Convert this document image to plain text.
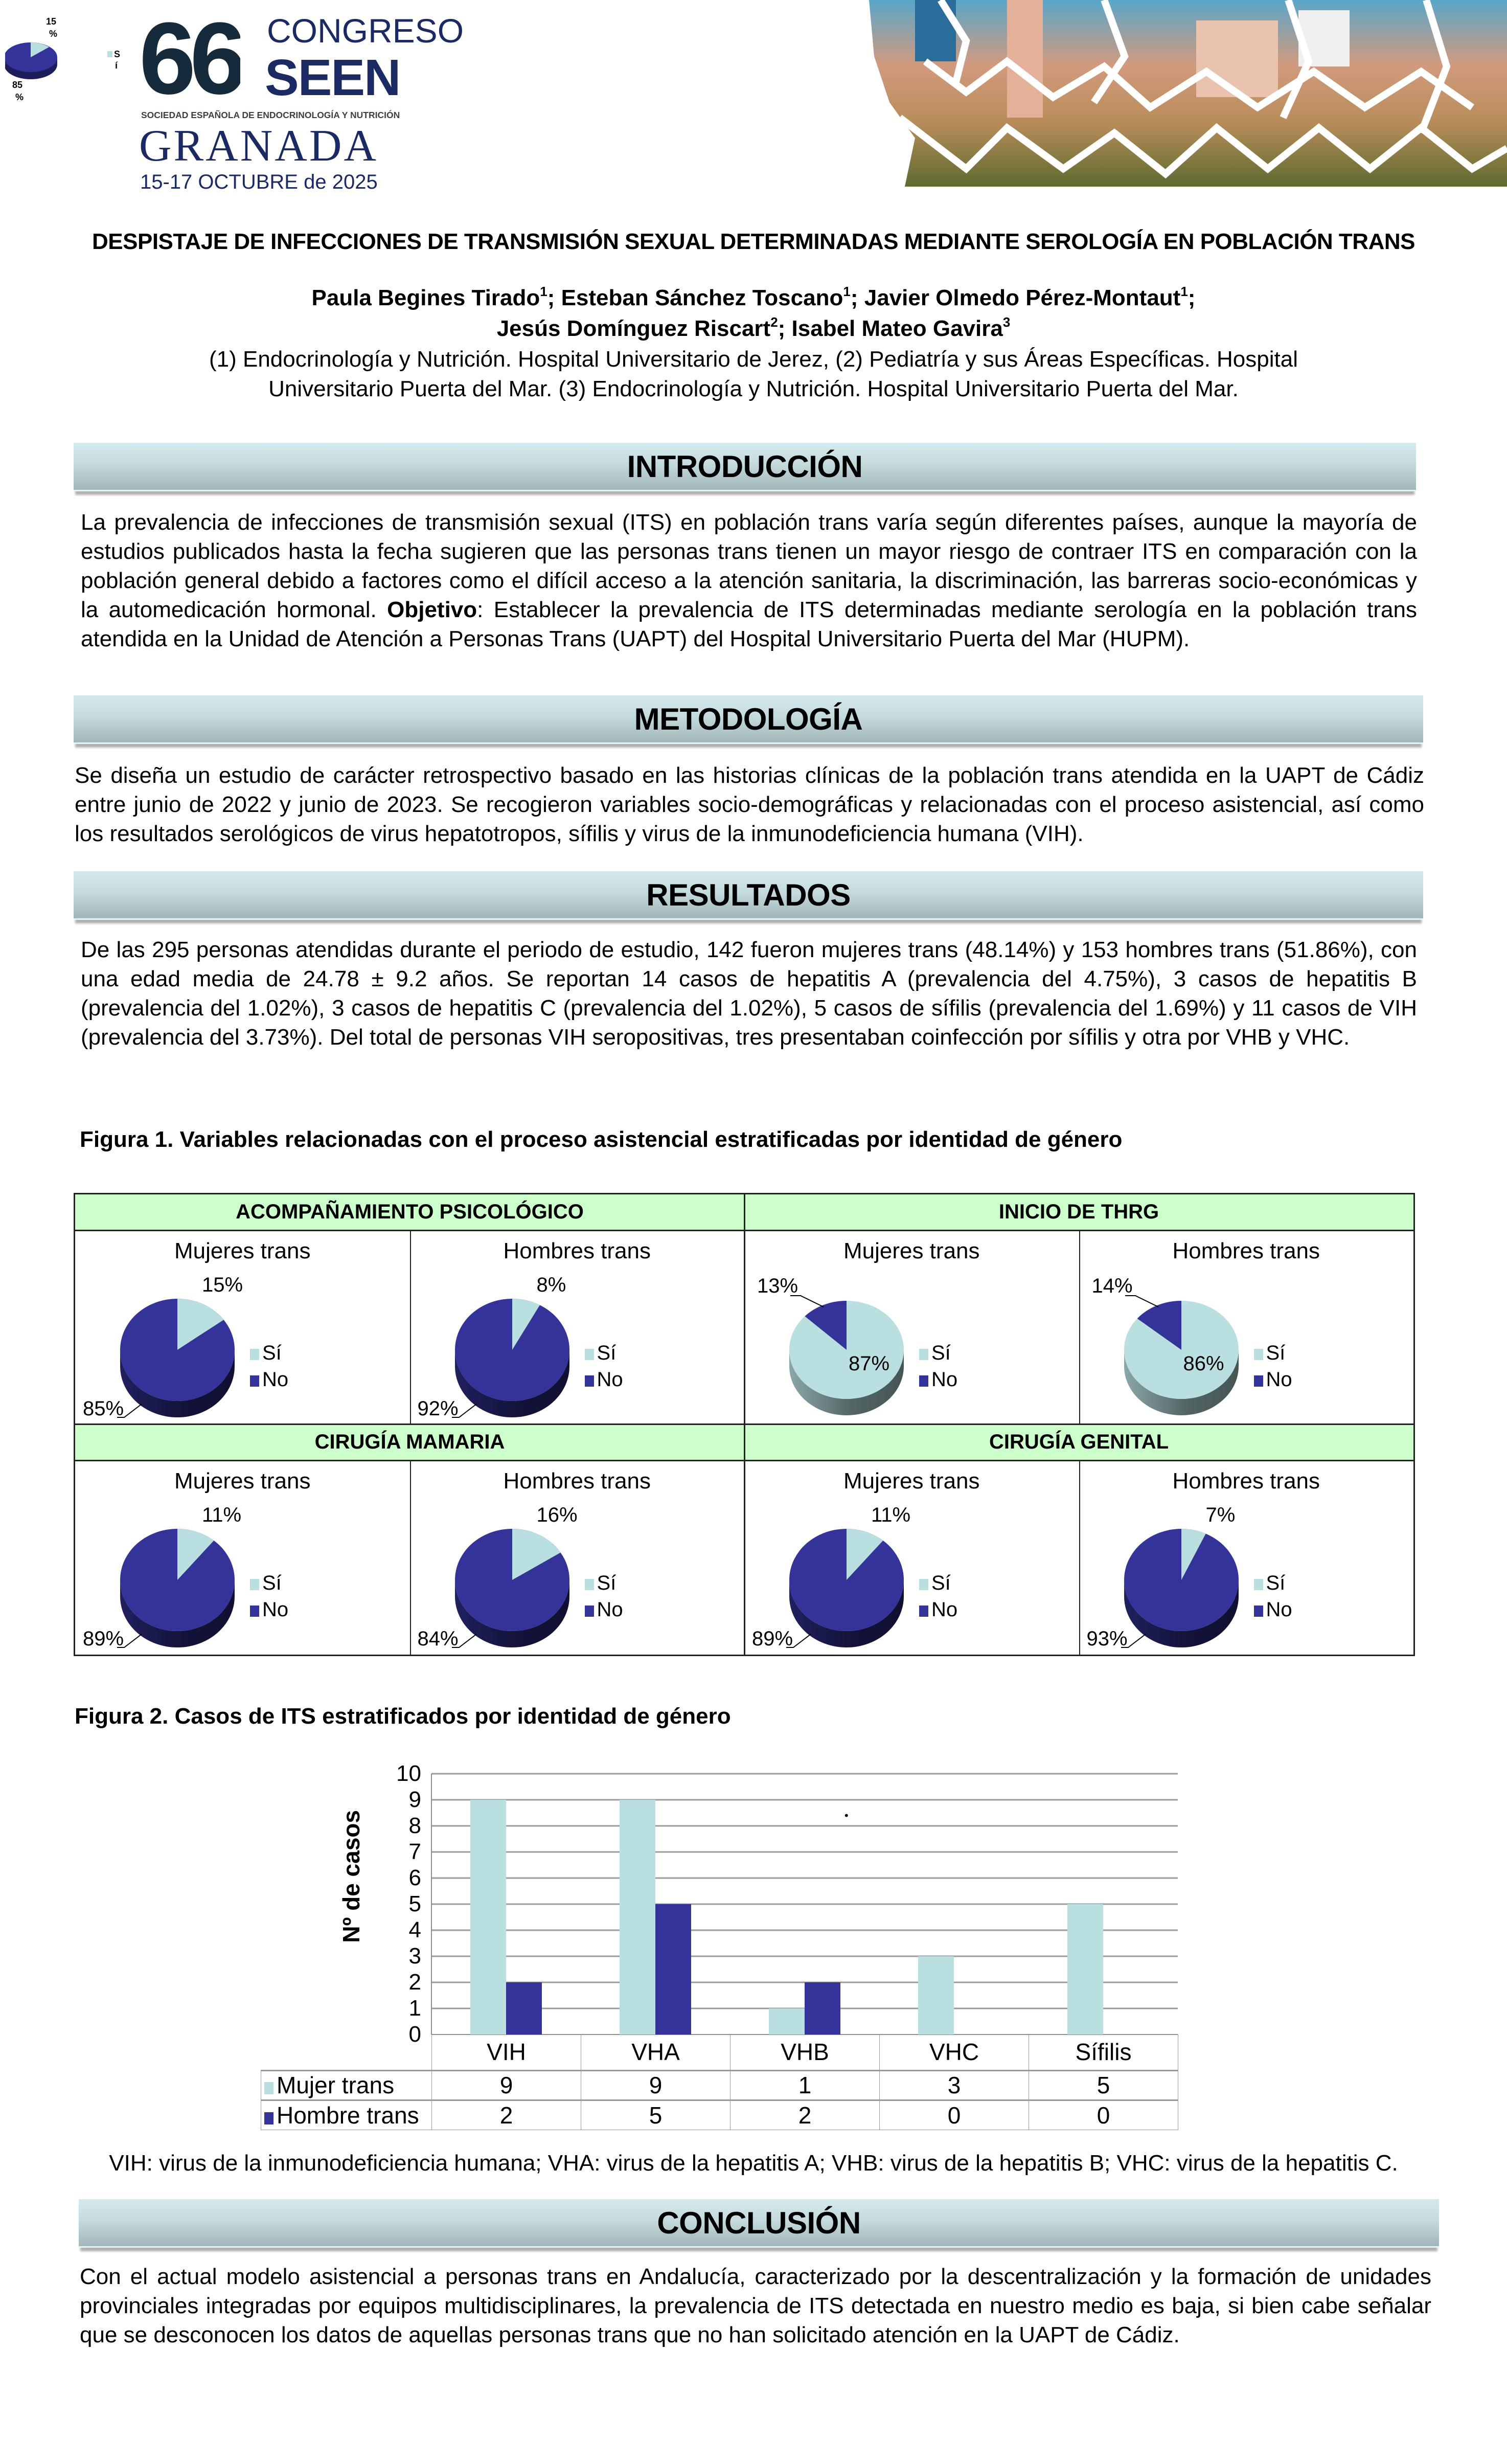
15 %
85 %
S í 66 CONGRESO
SEEN
SOCIEDAD ESPAÑOLA DE ENDOCRINOLOGÍA Y NUTRICIÓN
GRANADA
15-17 OCTUBRE de 2025
DESPISTAJE DE INFECCIONES DE TRANSMISIÓN SEXUAL DETERMINADAS MEDIANTE SEROLOGÍA EN POBLACIÓN TRANS
Paula Begines Tirado$^1$; Esteban Sánchez Toscano$^1$; Javier Olmedo Pérez-Montaut$^1$;
Jesús Domínguez Riscart$^2$; Isabel Mateo Gavira$^3$
(1) Endocrinología y Nutrición. Hospital Universitario de Jerez, (2) Pediatría y sus Áreas Específicas. Hospital
Universitario Puerta del Mar. (3) Endocrinología y Nutrición. Hospital Universitario Puerta del Mar.
INTRODUCCIÓN
La prevalencia de infecciones de transmisión sexual (ITS) en población trans varía según diferentes países, aunque la mayoría de estudios publicados hasta la fecha sugieren que las personas trans tienen un mayor riesgo de contraer ITS en comparación con la población general debido a factores como el difícil acceso a la atención sanitaria, la discriminación, las barreras socio-económicas y la automedicación hormonal. Objetivo: Establecer la prevalencia de ITS determinadas mediante serología en la población trans atendida en la Unidad de Atención a Personas Trans (UAPT) del Hospital Universitario Puerta del Mar (HUPM).
METODOLOGÍA
Se diseña un estudio de carácter retrospectivo basado en las historias clínicas de la población trans atendida en la UAPT de Cádiz entre junio de 2022 y junio de 2023. Se recogieron variables socio-demográficas y relacionadas con el proceso asistencial, así como los resultados serológicos de virus hepatotropos, sífilis y virus de la inmunodeficiencia humana (VIH).
RESULTADOS
De las 295 personas atendidas durante el periodo de estudio, 142 fueron mujeres trans (48.14%) y 153 hombres trans (51.86%), con una edad media de 24.78 ± 9.2 años. Se reportan 14 casos de hepatitis A (prevalencia del 4.75%), 3 casos de hepatitis B (prevalencia del 1.02%), 3 casos de hepatitis C (prevalencia del 1.02%), 5 casos de sífilis (prevalencia del 1.69%) y 11 casos de VIH (prevalencia del 3.73%). Del total de personas VIH seropositivas, tres presentaban coinfección por sífilis y otra por VHB y VHC.
Figura 1. Variables relacionadas con el proceso asistencial estratificadas por identidad de género
ACOMPAÑAMIENTO PSICOLÓGICO
Mujeres trans
15%
85%
Sí
No
Hombres trans
8%
92%
Sí
No
INICIO DE THRG
Mujeres trans
87%
13%
Sí
No
Hombres trans
86%
14%
Sí
No
CIRUGÍA MAMARIA
Mujeres trans
11%
89%
Sí
No
Hombres trans
16%
84%
Sí
No
CIRUGÍA GENITAL
Mujeres trans
11%
89%
Sí
No
Hombres trans
7%
93%
Sí
No
Figura 2. Casos de ITS estratificados por identidad de género
Nº de casos
0
1
2
3
4
5
6
7
8
9
10
	VIH	VHA	VHB	VHC	Sífilis
Mujer trans	9	9	1	3	5
Hombre trans	2	5	2	0	0
VIH: virus de la inmunodeficiencia humana; VHA: virus de la hepatitis A; VHB: virus de la hepatitis B; VHC: virus de la hepatitis C.
CONCLUSIÓN
Con el actual modelo asistencial a personas trans en Andalucía, caracterizado por la descentralización y la formación de unidades provinciales integradas por equipos multidisciplinares, la prevalencia de ITS detectada en nuestro medio es baja, si bien cabe señalar que se desconocen los datos de aquellas personas trans que no han solicitado atención en la UAPT de Cádiz.
